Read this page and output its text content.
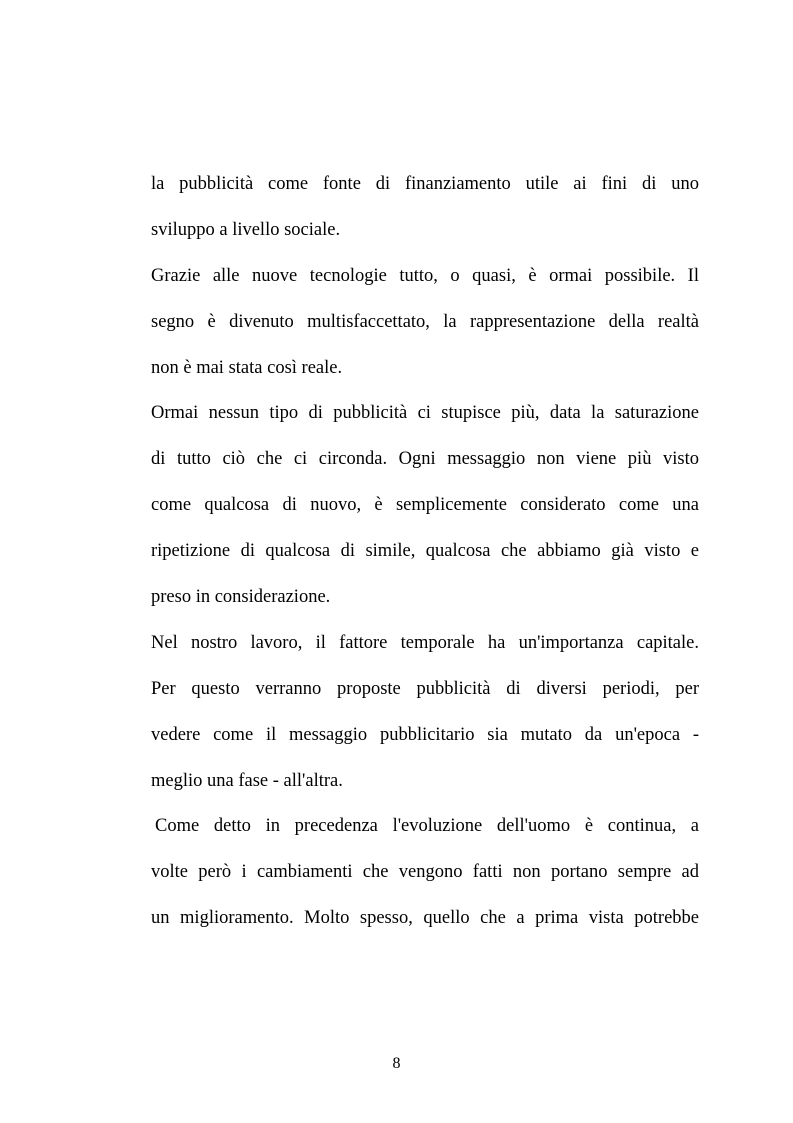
la pubblicità come fonte di finanziamento utile ai fini di uno
sviluppo a livello sociale.
Grazie alle nuove tecnologie tutto, o quasi, è ormai possibile. Il
segno è divenuto multisfaccettato, la rappresentazione della realtà
non è mai stata così reale.
Ormai nessun tipo di pubblicità ci stupisce più, data la saturazione
di tutto ciò che ci circonda. Ogni messaggio non viene più visto
come qualcosa di nuovo, è semplicemente considerato come una
ripetizione di qualcosa di simile, qualcosa che abbiamo già visto e
preso in considerazione.
Nel nostro lavoro, il fattore temporale ha un'importanza capitale.
Per questo verranno proposte pubblicità di diversi periodi, per
vedere come il messaggio pubblicitario sia mutato da un'epoca -
meglio una fase - all'altra.
Come detto in precedenza l'evoluzione dell'uomo è continua, a
volte però i cambiamenti che vengono fatti non portano sempre ad
un miglioramento. Molto spesso, quello che a prima vista potrebbe
8
